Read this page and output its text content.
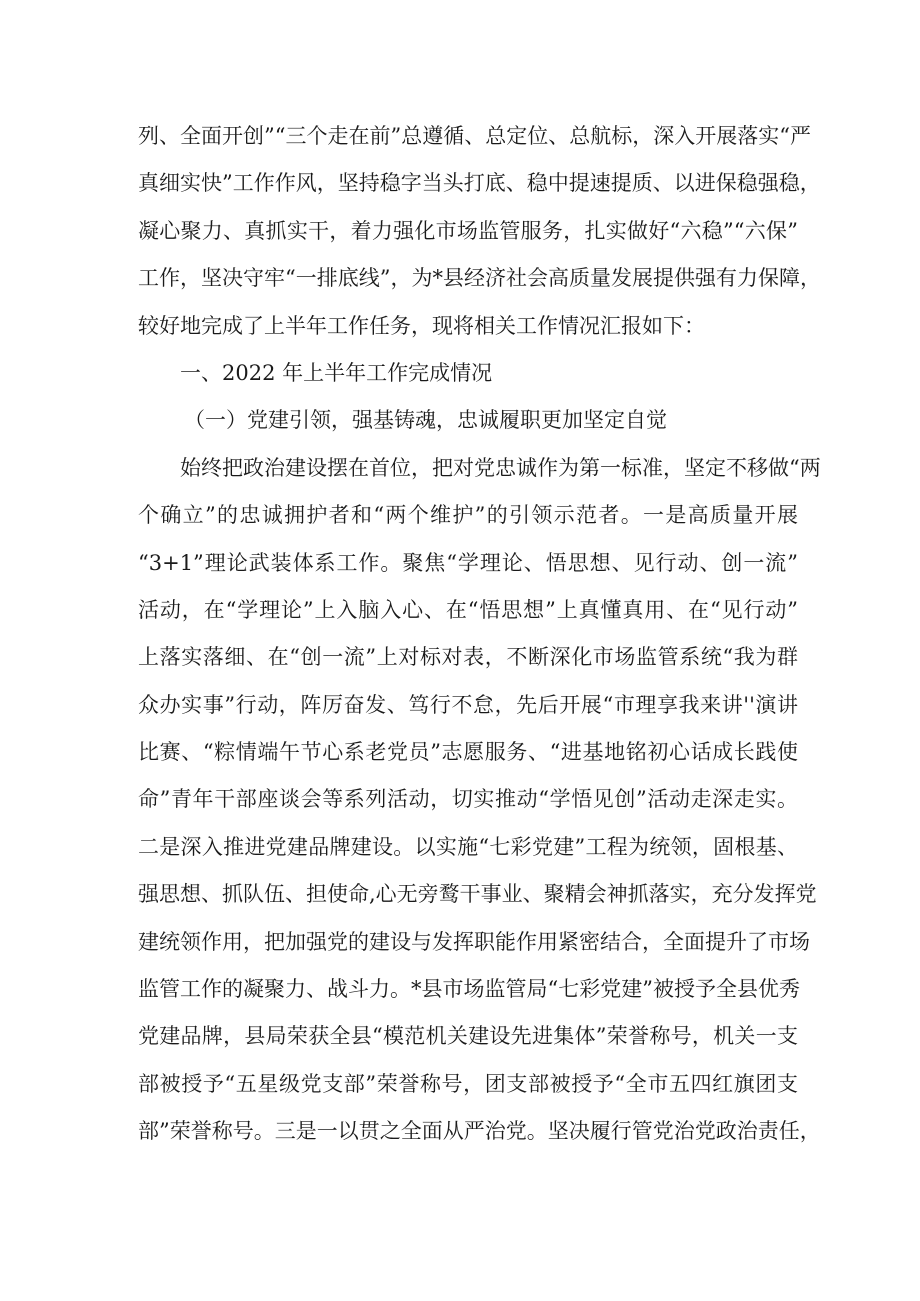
列、全面开创”“三个走在前”总遵循、总定位、总航标，深入开展落实“严
真细实快”工作作风，坚持稳字当头打底、稳中提速提质、以进保稳强稳，
凝心聚力、真抓实干，着力强化市场监管服务，扎实做好“六稳”“六保”
工作，坚决守牢“一排底线”，为*县经济社会高质量发展提供强有力保障，
较好地完成了上半年工作任务，现将相关工作情况汇报如下：
一、2022 年上半年工作完成情况
（一）党建引领，强基铸魂，忠诚履职更加坚定自觉
始终把政治建设摆在首位，把对党忠诚作为第一标准，坚定不移做“两
个确立”的忠诚拥护者和“两个维护”的引领示范者。一是高质量开展
“3+1”理论武装体系工作。聚焦“学理论、悟思想、见行动、创一流”
活动，在“学理论”上入脑入心、在“悟思想”上真懂真用、在“见行动”
上落实落细、在“创一流”上对标对表，不断深化市场监管系统“我为群
众办实事”行动，阵厉奋发、笃行不怠，先后开展“市理享我来讲''演讲
比赛、“粽情端午节心系老党员”志愿服务、“进基地铭初心话成长践使
命”青年干部座谈会等系列活动，切实推动“学悟见创”活动走深走实。
二是深入推进党建品牌建设。以实施“七彩党建”工程为统领，固根基、
强思想、抓队伍、担使命,心无旁鹜干事业、聚精会神抓落实，充分发挥党
建统领作用，把加强党的建设与发挥职能作用紧密结合，全面提升了市场
监管工作的凝聚力、战斗力。*县市场监管局“七彩党建”被授予全县优秀
党建品牌，县局荣获全县“模范机关建设先进集体”荣誉称号，机关一支
部被授予“五星级党支部”荣誉称号，团支部被授予“全市五四红旗团支
部”荣誉称号。三是一以贯之全面从严治党。坚决履行管党治党政治责任，
